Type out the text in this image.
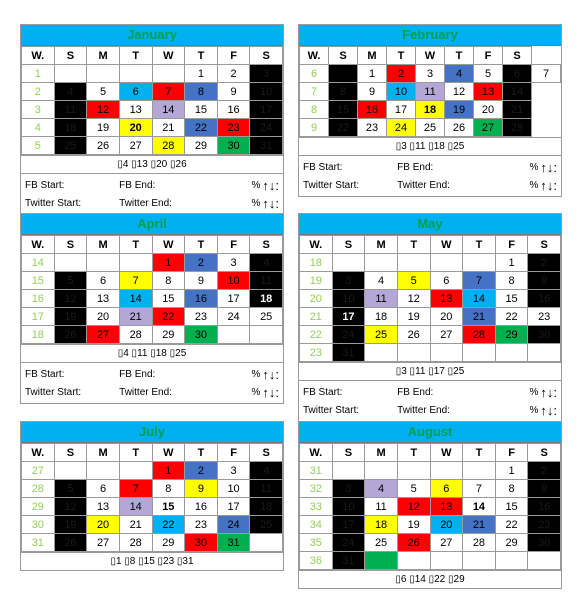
January
W.	S	M	T	W	T	F	S
1					1	2	3
2	4	5	6	7	8	9	10
3	11	12	13	14	15	16	17
4	18	19	20	21	22	23	24
5	25	26	27	28	29	30	31
▯4 ▯13 ▯20 ▯26
FB Start:	FB End:	% ↑↓:
Twitter Start:	Twitter End:	% ↑↓:
February
W.	S	M	T	W	T	F	S	
6		1	2	3	4	5	6	7
7	8	9	10	11	12	13	14	
8	15	16	17	18	19	20	21	
9	22	23	24	25	26	27	28	
▯3 ▯11 ▯18 ▯25
FB Start:	FB End:	% ↑↓:
Twitter Start:	Twitter End:	% ↑↓:
April
W.	S	M	T	W	T	F	S
14				1	2	3	4
15	5	6	7	8	9	10	11
16	12	13	14	15	16	17	18
17	19	20	21	22	23	24	25
18	26	27	28	29	30		
▯4 ▯11 ▯18 ▯25
FB Start:	FB End:	% ↑↓:
Twitter Start:	Twitter End:	% ↑↓:
May
W.	S	M	T	W	T	F	S
18						1	2
19	3	4	5	6	7	8	9
20	10	11	12	13	14	15	16
21	17	18	19	20	21	22	23
22	24	25	26	27	28	29	30
23	31						
▯3 ▯11 ▯17 ▯25
FB Start:	FB End:	% ↑↓:
Twitter Start:	Twitter End:	% ↑↓:
July
W.	S	M	T	W	T	F	S
27				1	2	3	4
28	5	6	7	8	9	10	11
29	12	13	14	15	16	17	18
30	19	20	21	22	23	24	25
31	26	27	28	29	30	31	
▯1 ▯8 ▯15 ▯23 ▯31
August
W.	S	M	T	W	T	F	S
31						1	2
32	3	4	5	6	7	8	9
33	10	11	12	13	14	15	16
34	17	18	19	20	21	22	23
35	24	25	26	27	28	29	30
36	31						
▯6 ▯14 ▯22 ▯29
